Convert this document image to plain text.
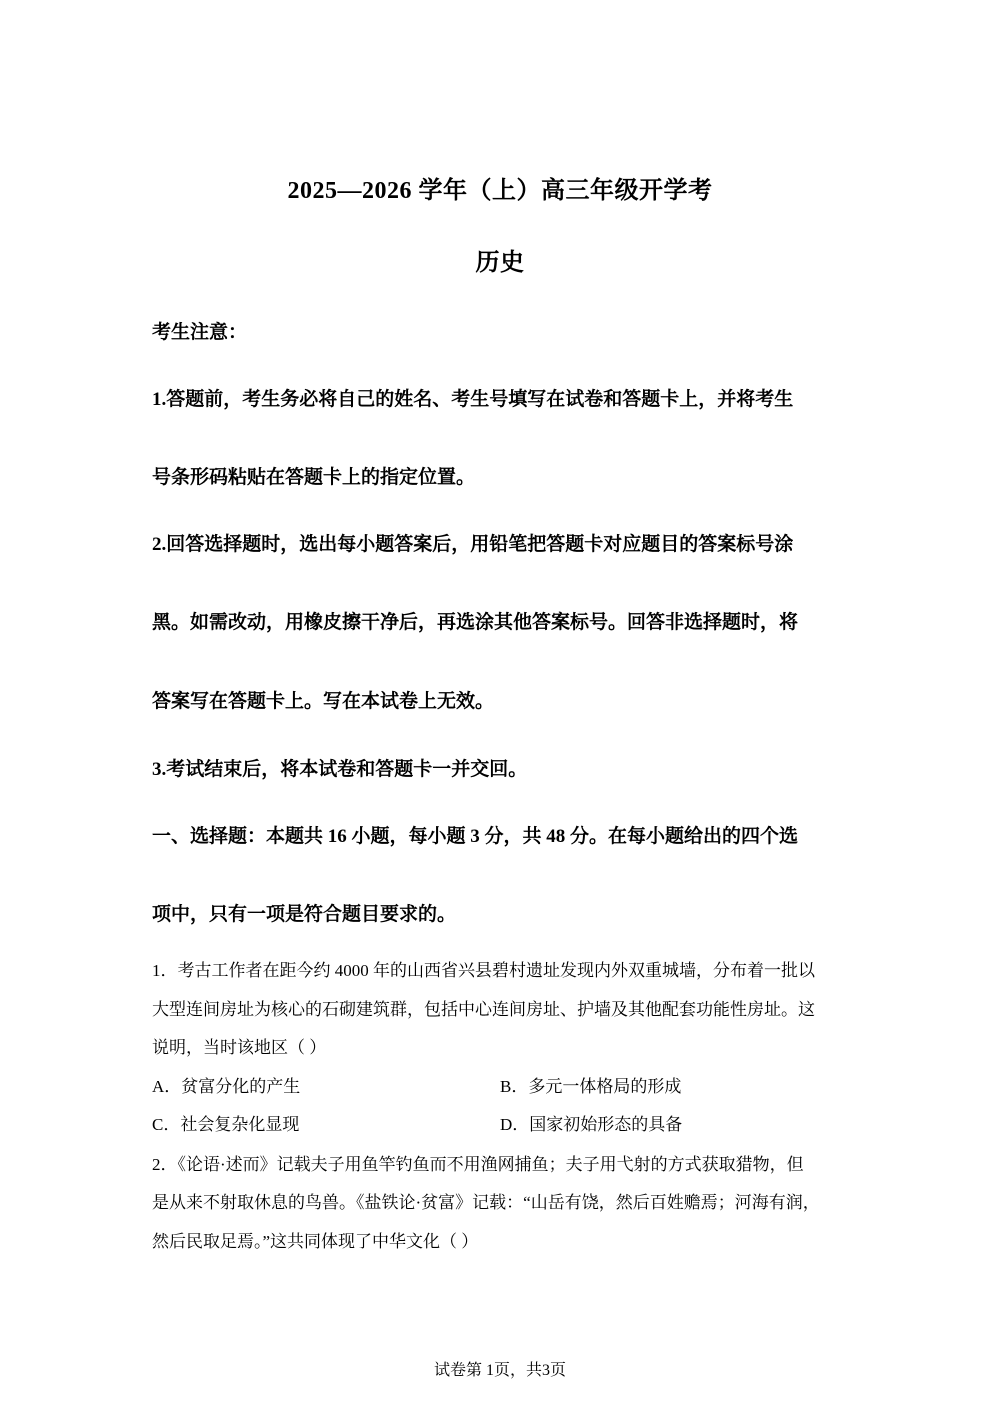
2025—2026 学年（上）高三年级开学考
历史
考生注意：
1.答题前，考生务必将自己的姓名、考生号填写在试卷和答题卡上，并将考生
号条形码粘贴在答题卡上的指定位置。
2.回答选择题时，选出每小题答案后，用铅笔把答题卡对应题目的答案标号涂
黑。如需改动，用橡皮擦干净后，再选涂其他答案标号。回答非选择题时，将
答案写在答题卡上。写在本试卷上无效。
3.考试结束后，将本试卷和答题卡一并交回。
一、选择题：本题共 16 小题，每小题 3 分，共 48 分。在每小题给出的四个选
项中，只有一项是符合题目要求的。
1．考古工作者在距今约 4000 年的山西省兴县碧村遗址发现内外双重城墙，分布着一批以
大型连间房址为核心的石砌建筑群，包括中心连间房址、护墙及其他配套功能性房址。这
说明，当时该地区（ ）
A．贫富分化的产生	B．多元一体格局的形成
C．社会复杂化显现	D．国家初始形态的具备
2．《论语·述而》记载夫子用鱼竿钓鱼而不用渔网捕鱼；夫子用弋射的方式获取猎物，但
是从来不射取休息的鸟兽。《盐铁论·贫富》记载：“山岳有饶，然后百姓赡焉；河海有润，
然后民取足焉。”这共同体现了中华文化（ ）
试卷第 1页，共3页
